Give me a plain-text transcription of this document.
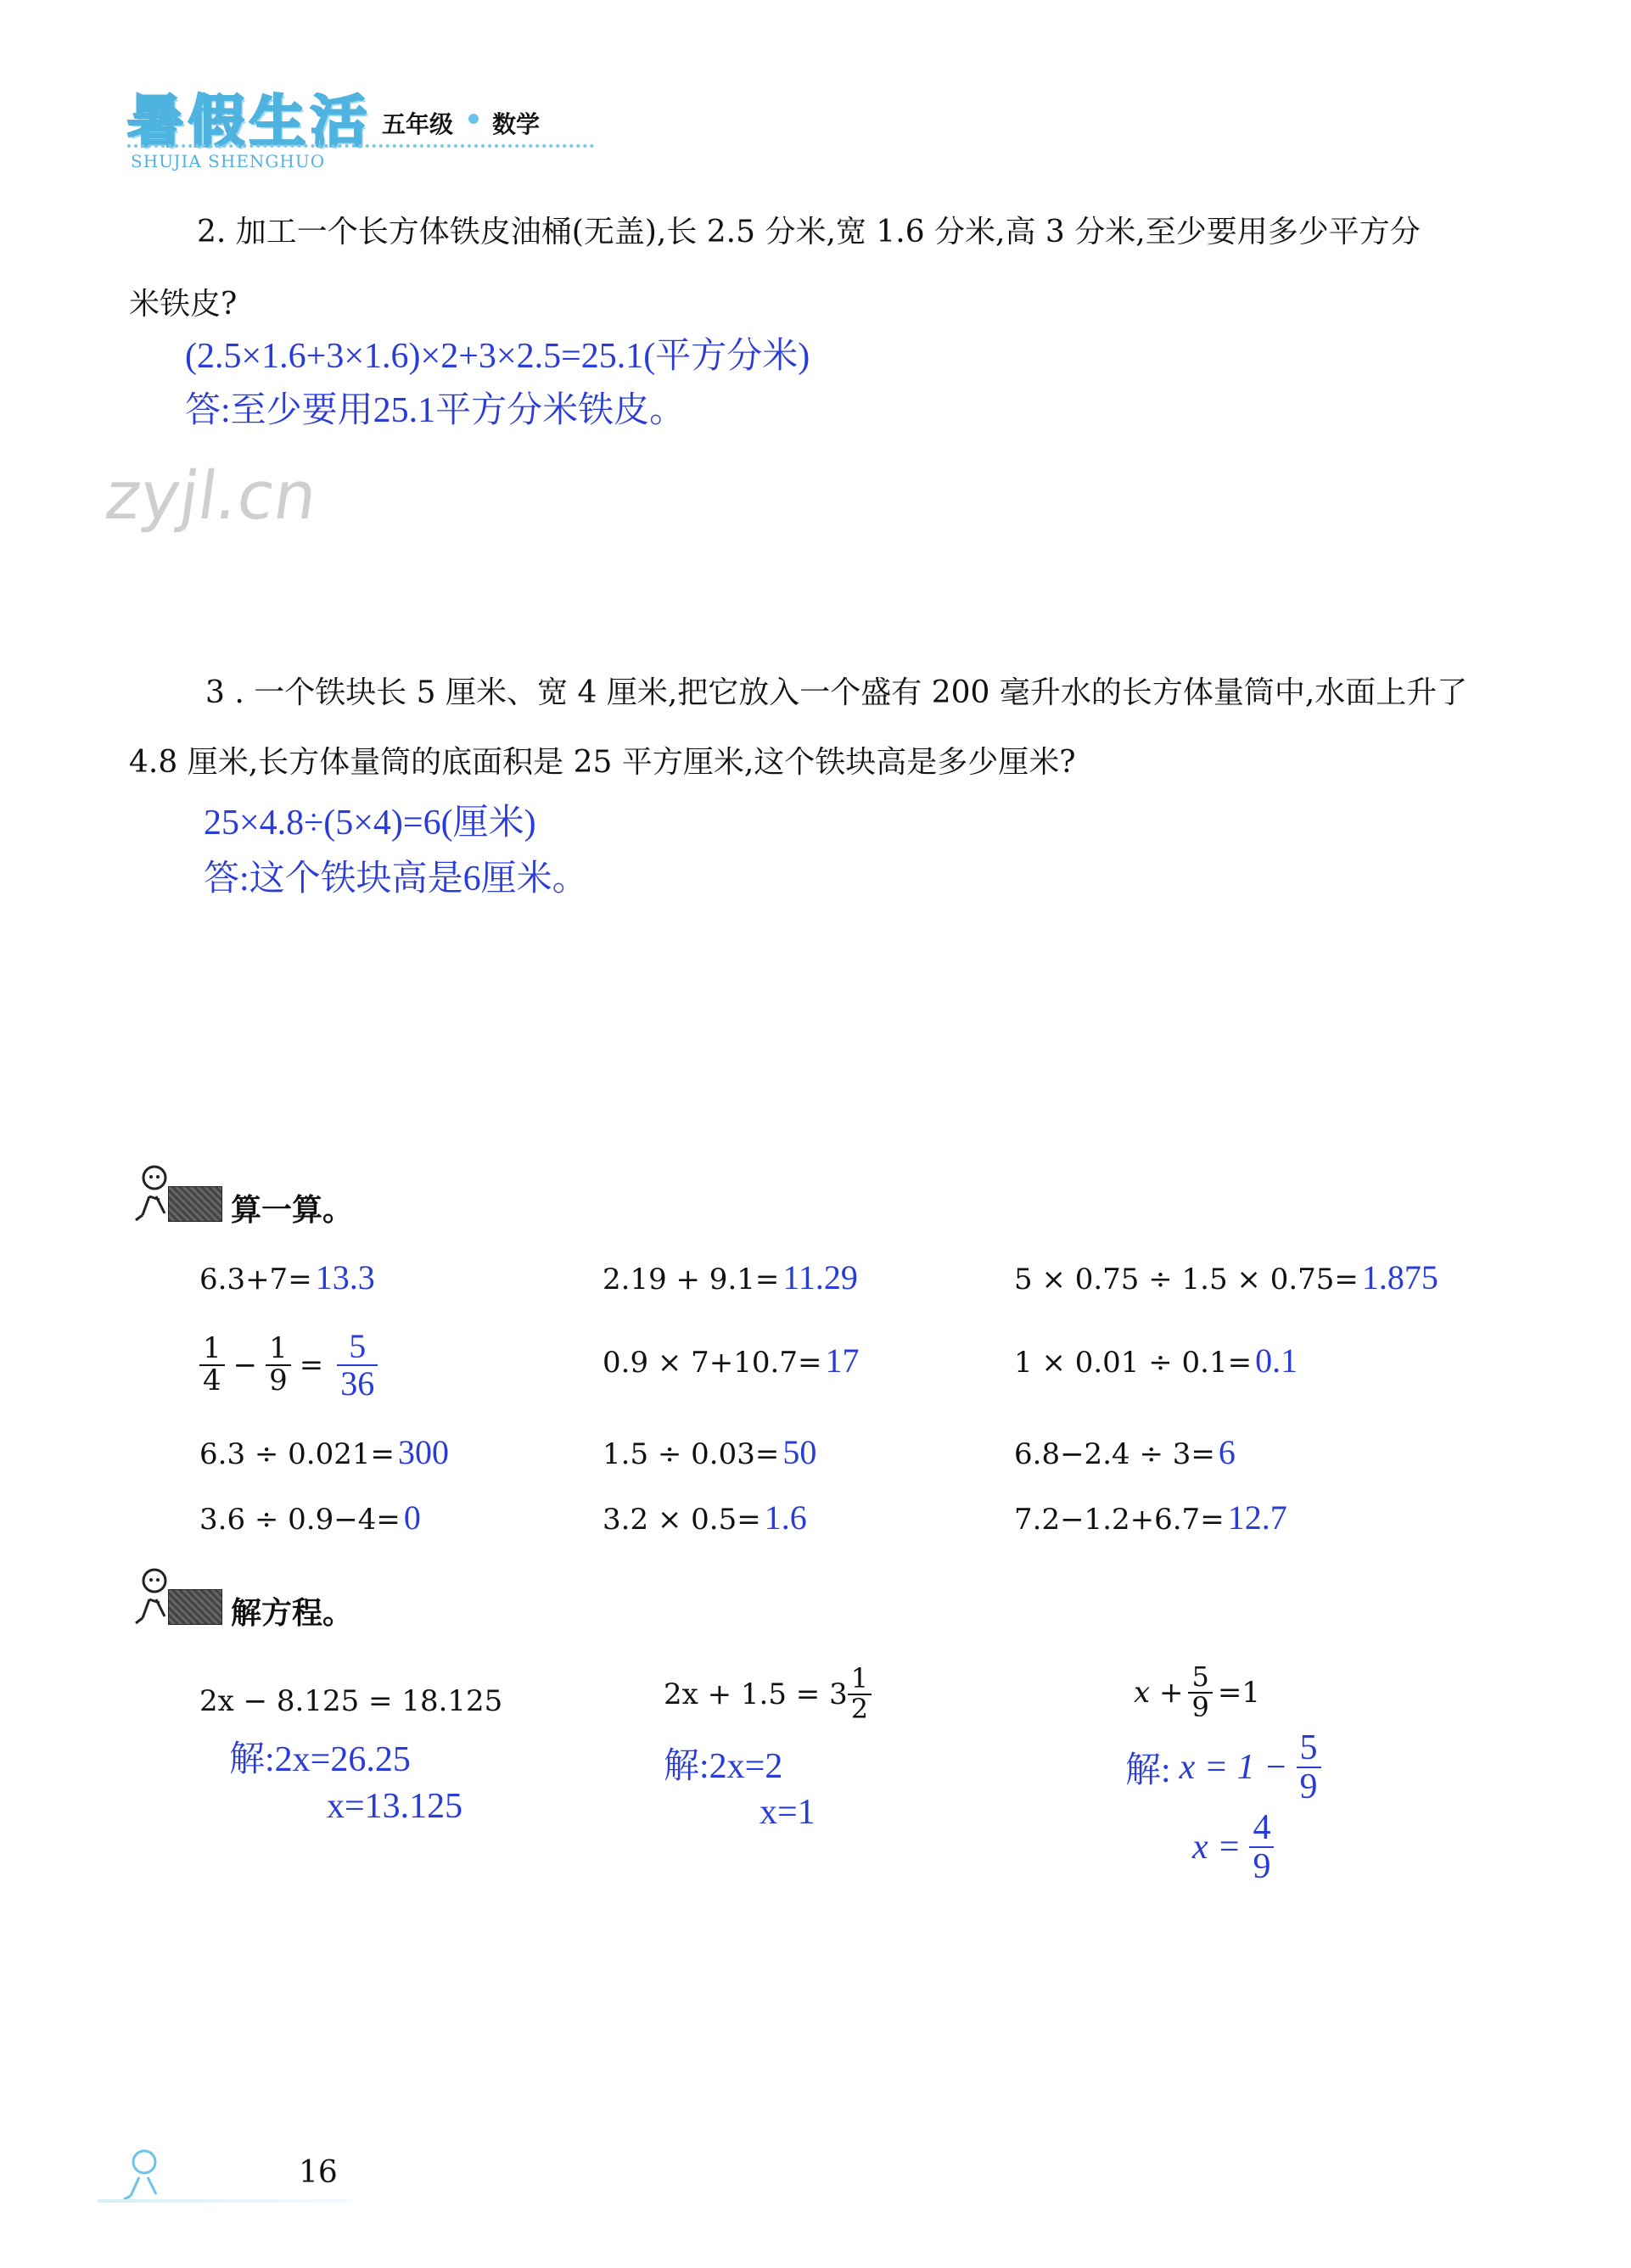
暑假生活 五年级 数学
SHUJIA SHENGHUO
2. 加工一个长方体铁皮油桶(无盖),长 2.5 分米,宽 1.6 分米,高 3 分米,至少要用多少平方分
米铁皮?
(2.5×1.6+3×1.6)×2+3×2.5=25.1(平方分米)
答:至少要用25.1平方分米铁皮。
zyjl.cn
3 . 一个铁块长 5 厘米、宽 4 厘米,把它放入一个盛有 200 毫升水的长方体量筒中,水面上升了
4.8 厘米,长方体量筒的底面积是 25 平方厘米,这个铁块高是多少厘米?
25×4.8÷(5×4)=6(厘米)
答:这个铁块高是6厘米。
算一算。
6.3+7= 13.3	2.19 + 9.1= 11.29	5 × 0.75 ÷ 1.5 × 0.75= 1.875
$\frac{1}{4} - \frac{1}{9} = \frac{5}{36}$	0.9 × 7+10.7= 17	1 × 0.01 ÷ 0.1= 0.1
6.3 ÷ 0.021= 300	1.5 ÷ 0.03= 50	6.8−2.4 ÷ 3= 6
3.6 ÷ 0.9−4= 0	3.2 × 0.5= 1.6	7.2−1.2+6.7= 12.7
解方程。
2x − 8.125 = 18.125
解:2x=26.25
x=13.125
$2x + 1.5 = 3 \frac{1}{2}$
解:2x=2
x=1
$x + \frac{5}{9} =1$
解: $x = 1 - \frac{5}{9}$
$x = \frac{4}{9}$
16
